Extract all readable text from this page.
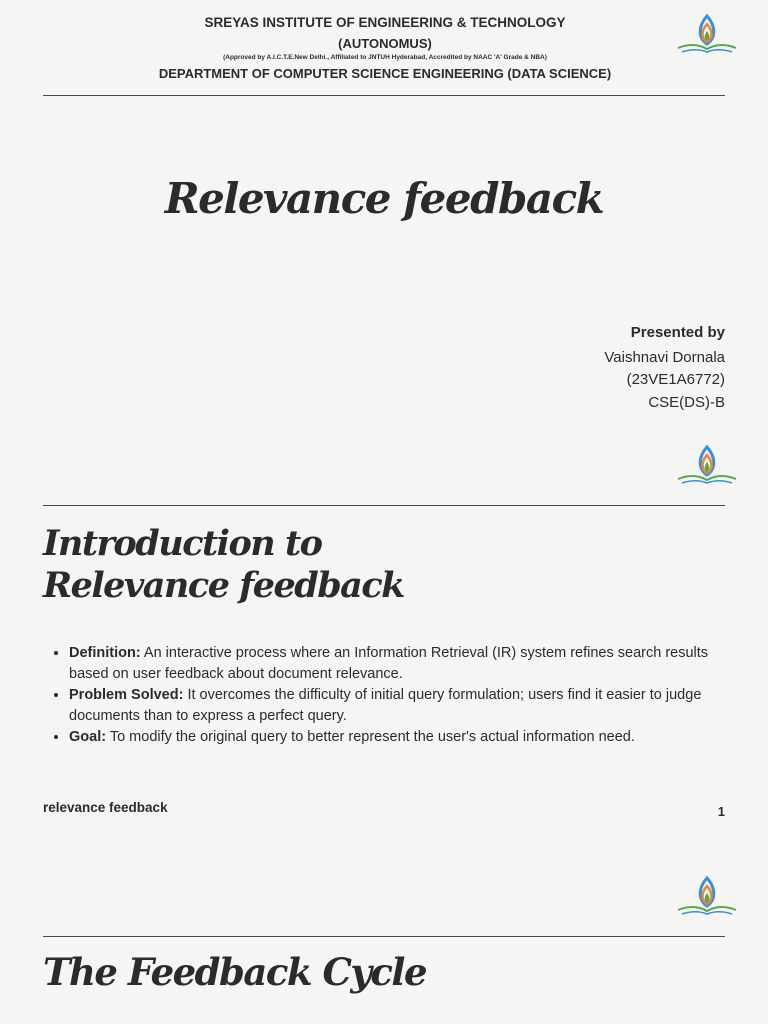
SREYAS INSTITUTE OF ENGINEERING & TECHNOLOGY
(AUTONOMUS)
(Approved by A.I.C.T.E.New Delhi., Affiliated to JNTUH Hyderabad, Accredited by NAAC 'A' Grade & NBA)
DEPARTMENT OF COMPUTER SCIENCE ENGINEERING (DATA SCIENCE)
Relevance feedback
Presented by
Vaishnavi Dornala
(23VE1A6772)
CSE(DS)-B
Introduction to
Relevance feedback
• Definition: An interactive process where an Information Retrieval (IR) system refines search results based on user feedback about document relevance.
• Problem Solved: It overcomes the difficulty of initial query formulation; users find it easier to judge documents than to express a perfect query.
• Goal: To modify the original query to better represent the user's actual information need.
relevance feedback	1
The Feedback Cycle
